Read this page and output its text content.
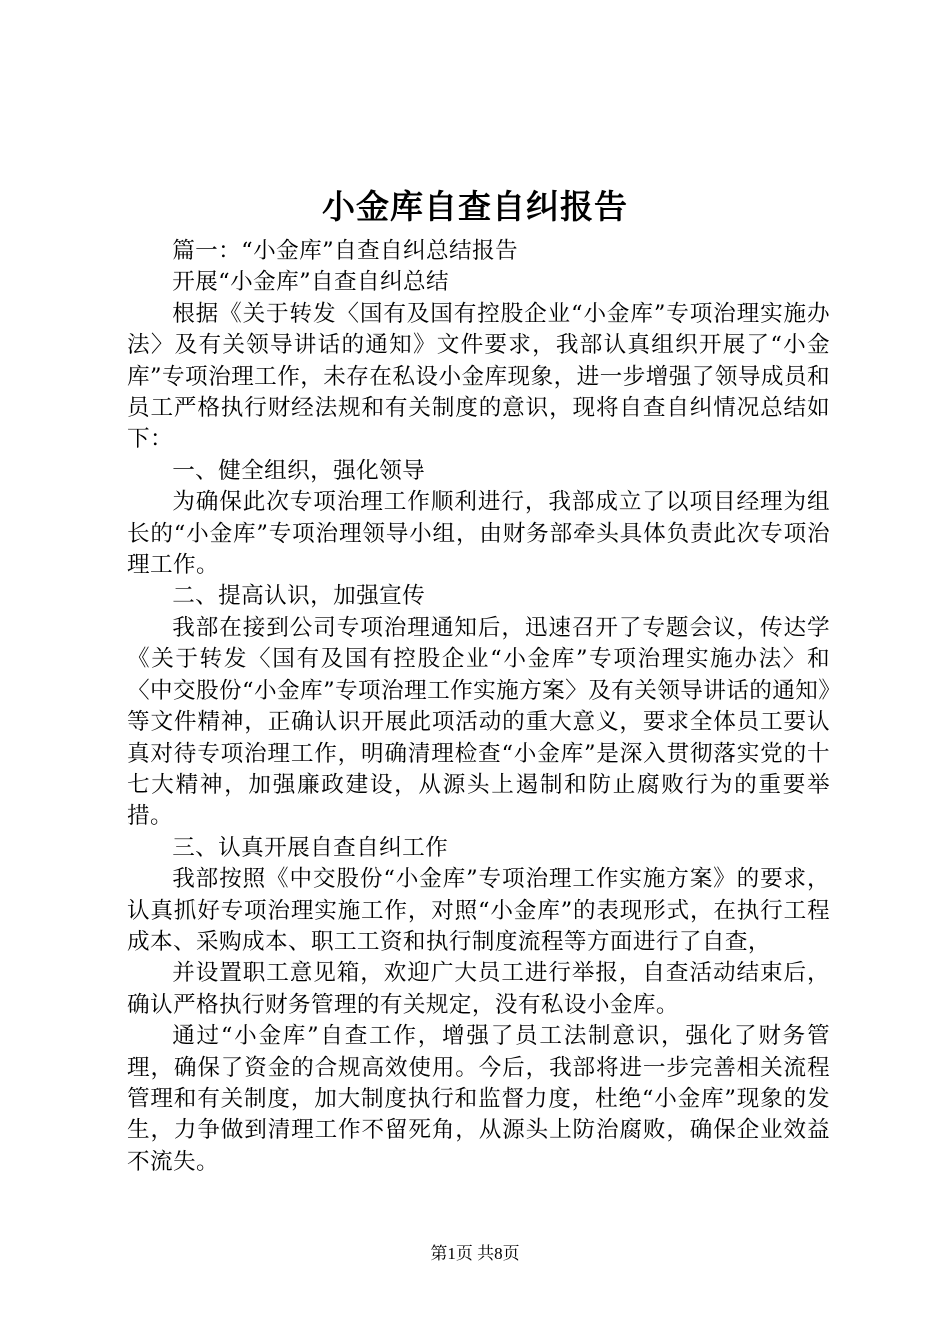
小金库自查自纠报告

篇一：“小金库”自查自纠总结报告

开展“小金库”自查自纠总结

根据《关于转发〈国有及国有控股企业“小金库”专项治理实施办法〉及有关领导讲话的通知》文件要求，我部认真组织开展了“小金库”专项治理工作，未存在私设小金库现象，进一步增强了领导成员和员工严格执行财经法规和有关制度的意识，现将自查自纠情况总结如下：

一、健全组织，强化领导

为确保此次专项治理工作顺利进行，我部成立了以项目经理为组长的“小金库”专项治理领导小组，由财务部牵头具体负责此次专项治理工作。

二、提高认识，加强宣传

我部在接到公司专项治理通知后，迅速召开了专题会议，传达学《关于转发〈国有及国有控股企业“小金库”专项治理实施办法〉和〈中交股份“小金库”专项治理工作实施方案〉及有关领导讲话的通知》等文件精神，正确认识开展此项活动的重大意义，要求全体员工要认真对待专项治理工作，明确清理检查“小金库”是深入贯彻落实党的十七大精神，加强廉政建设，从源头上遏制和防止腐败行为的重要举措。

三、认真开展自查自纠工作

我部按照《中交股份“小金库”专项治理工作实施方案》的要求，认真抓好专项治理实施工作，对照“小金库”的表现形式，在执行工程成本、采购成本、职工工资和执行制度流程等方面进行了自查，

并设置职工意见箱，欢迎广大员工进行举报，自查活动结束后，确认严格执行财务管理的有关规定，没有私设小金库。

通过“小金库”自查工作，增强了员工法制意识，强化了财务管理，确保了资金的合规高效使用。今后，我部将进一步完善相关流程管理和有关制度，加大制度执行和监督力度，杜绝“小金库”现象的发生，力争做到清理工作不留死角，从源头上防治腐败，确保企业效益不流失。

第1页 共8页
